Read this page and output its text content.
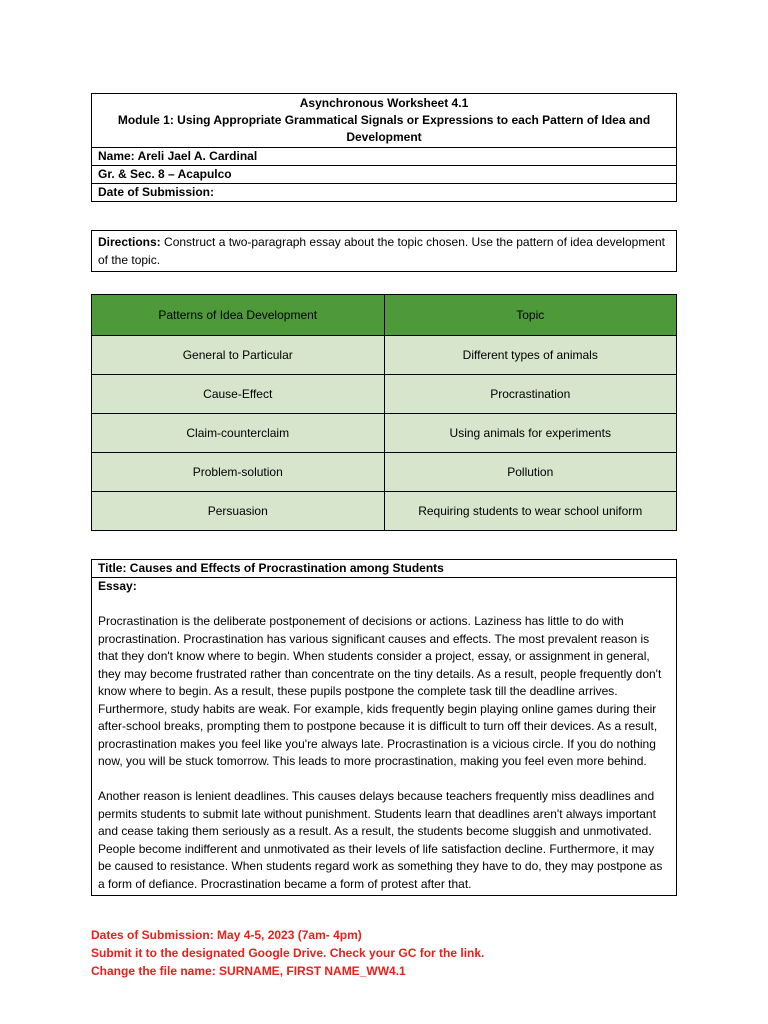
Asynchronous Worksheet 4.1
Module 1: Using Appropriate Grammatical Signals or Expressions to each Pattern of Idea and Development

Name: Areli Jael A. Cardinal
Gr. & Sec. 8 – Acapulco
Date of Submission:
Directions: Construct a two-paragraph essay about the topic chosen. Use the pattern of idea development of the topic.
Patterns of Idea Development	Topic
General to Particular	Different types of animals
Cause-Effect	Procrastination
Claim-counterclaim	Using animals for experiments
Problem-solution	Pollution
Persuasion	Requiring students to wear school uniform
Title: Causes and Effects of Procrastination among Students
Essay:

Procrastination is the deliberate postponement of decisions or actions. Laziness has little to do with procrastination. Procrastination has various significant causes and effects. The most prevalent reason is that they don't know where to begin. When students consider a project, essay, or assignment in general, they may become frustrated rather than concentrate on the tiny details. As a result, people frequently don't know where to begin. As a result, these pupils postpone the complete task till the deadline arrives. Furthermore, study habits are weak. For example, kids frequently begin playing online games during their after-school breaks, prompting them to postpone because it is difficult to turn off their devices. As a result, procrastination makes you feel like you're always late. Procrastination is a vicious circle. If you do nothing now, you will be stuck tomorrow. This leads to more procrastination, making you feel even more behind.

Another reason is lenient deadlines. This causes delays because teachers frequently miss deadlines and permits students to submit late without punishment. Students learn that deadlines aren't always important and cease taking them seriously as a result. As a result, the students become sluggish and unmotivated. People become indifferent and unmotivated as their levels of life satisfaction decline. Furthermore, it may be caused to resistance. When students regard work as something they have to do, they may postpone as a form of defiance. Procrastination became a form of protest after that.

Dates of Submission: May 4-5, 2023 (7am- 4pm)
Submit it to the designated Google Drive. Check your GC for the link.
Change the file name: SURNAME, FIRST NAME_WW4.1
